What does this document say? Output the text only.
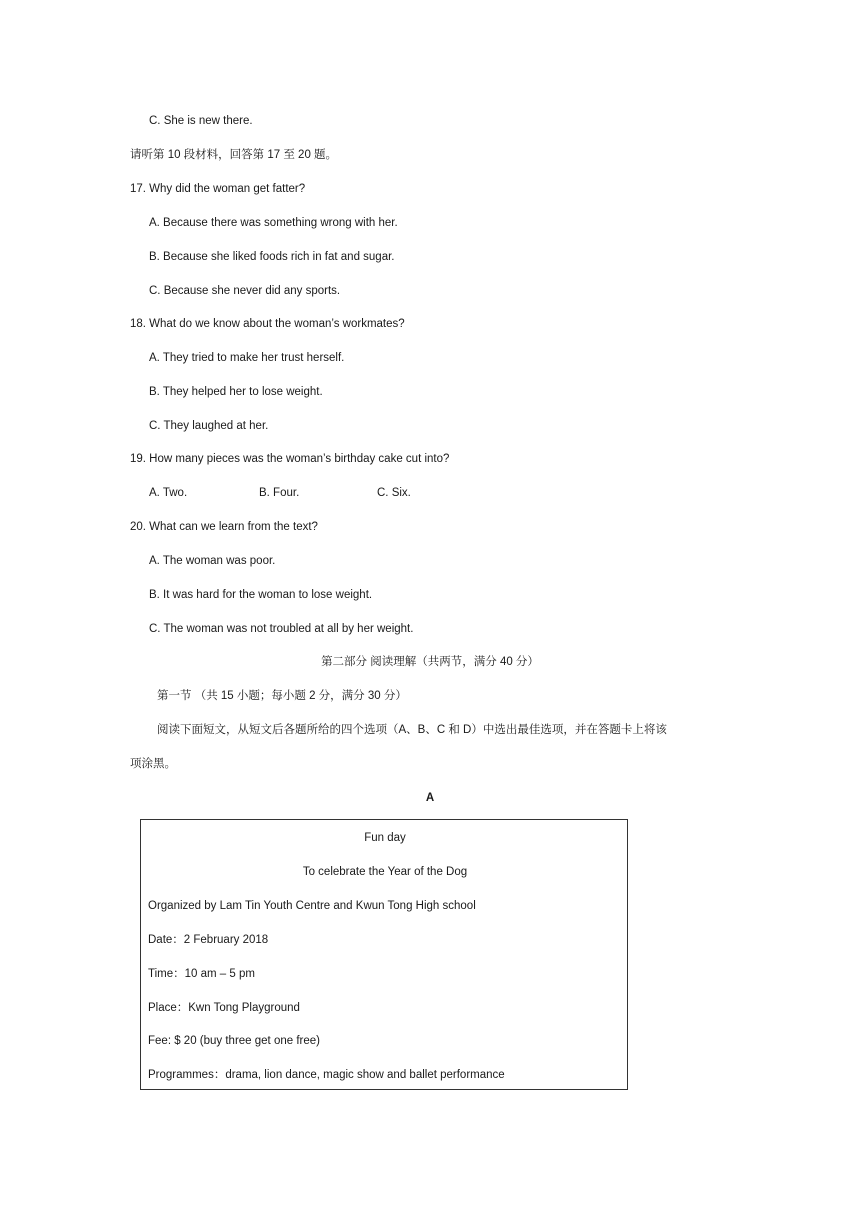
C. She is new there.
请听第 10 段材料，回答第 17 至 20 题。
17. Why did the woman get fatter?
A. Because there was something wrong with her.
B. Because she liked foods rich in fat and sugar.
C. Because she never did any sports.
18. What do we know about the woman’s workmates?
A. They tried to make her trust herself.
B. They helped her to lose weight.
C. They laughed at her.
19. How many pieces was the woman’s birthday cake cut into?
A. Two.	B. Four.	C. Six.
20. What can we learn from the text?
A. The woman was poor.
B. It was hard for the woman to lose weight.
C. The woman was not troubled at all by her weight.
第二部分 阅读理解（共两节，满分 40 分）
第一节 （共 15 小题；每小题 2 分，满分 30 分）
阅读下面短文，从短文后各题所给的四个选项（A、B、C 和 D）中选出最佳选项，并在答题卡上将该
项涂黑。
A
Fun day
To celebrate the Year of the Dog
Organized by Lam Tin Youth Centre and Kwun Tong High school
Date：2 February 2018
Time：10 am – 5 pm
Place：Kwn Tong Playground
Fee: $ 20 (buy three get one free)
Programmes：drama, lion dance, magic show and ballet performance
